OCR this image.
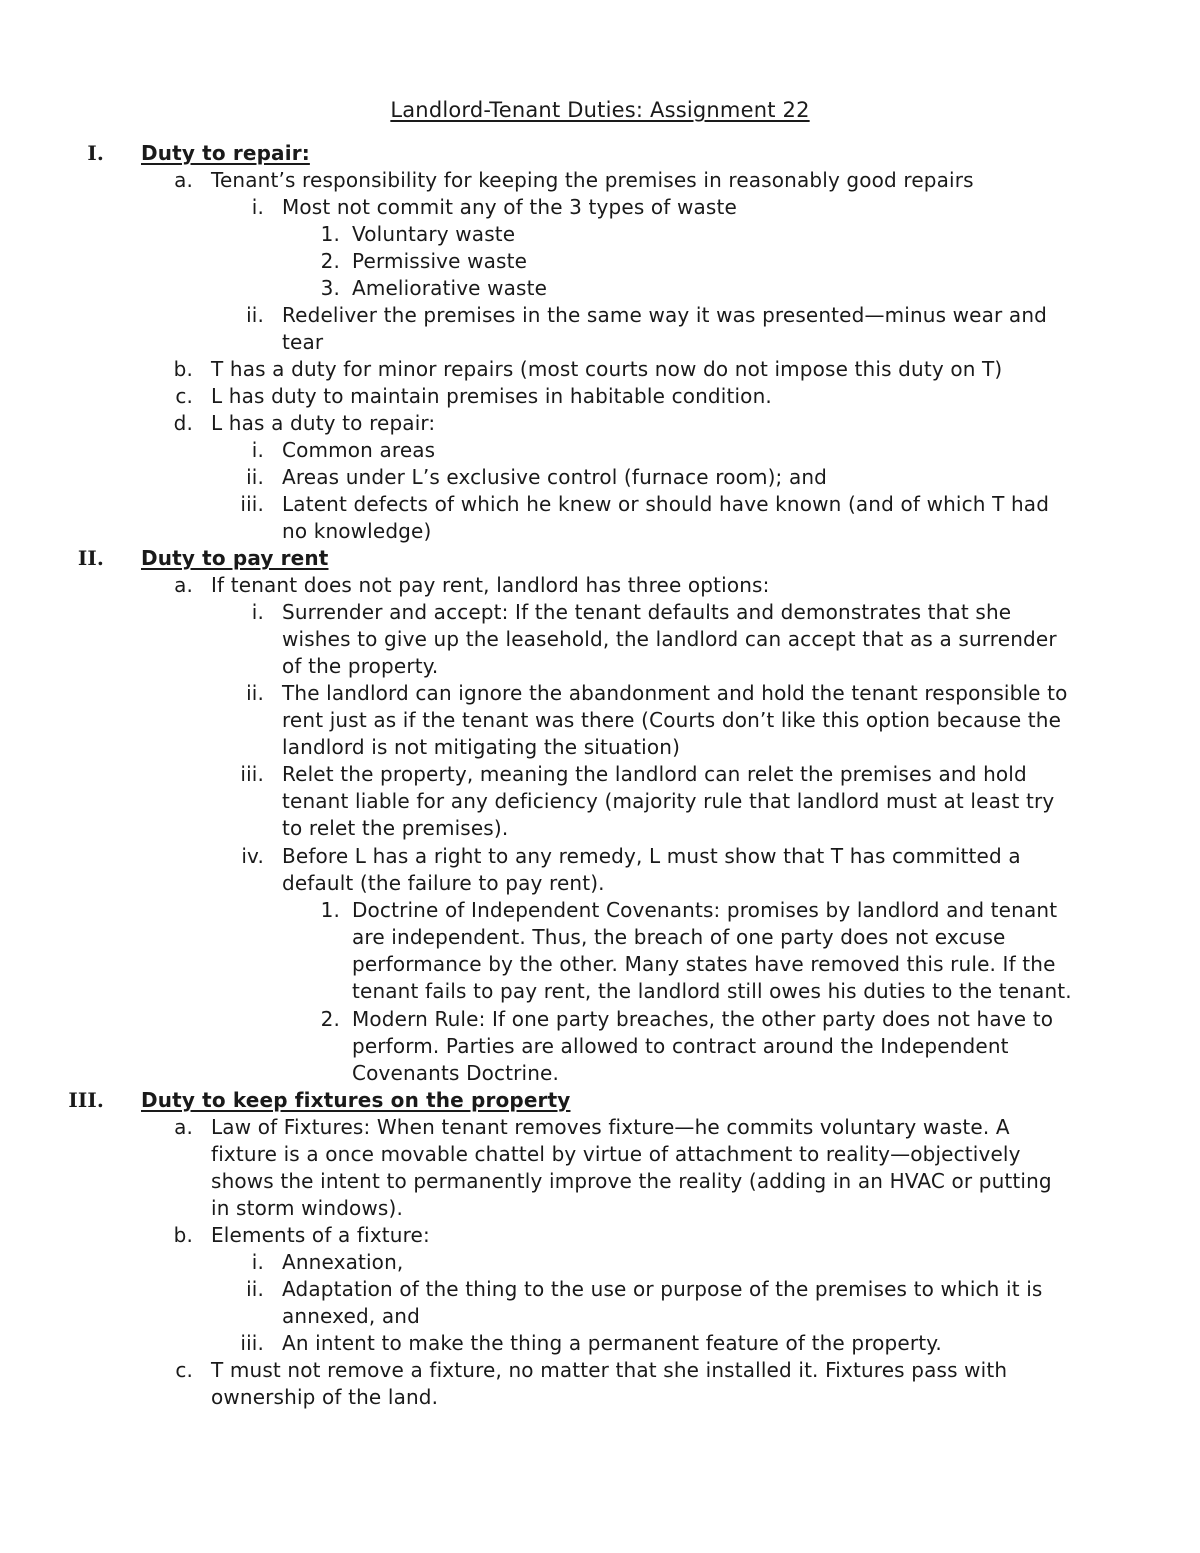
Landlord-Tenant Duties: Assignment 22
I. Duty to repair:
a. Tenant’s responsibility for keeping the premises in reasonably good repairs
i. Most not commit any of the 3 types of waste
1. Voluntary waste
2. Permissive waste
3. Ameliorative waste
ii. Redeliver the premises in the same way it was presented—minus wear and
tear
b. T has a duty for minor repairs (most courts now do not impose this duty on T)
c. L has duty to maintain premises in habitable condition.
d. L has a duty to repair:
i. Common areas
ii. Areas under L’s exclusive control (furnace room); and
iii. Latent defects of which he knew or should have known (and of which T had
no knowledge)
II. Duty to pay rent
a. If tenant does not pay rent, landlord has three options:
i. Surrender and accept: If the tenant defaults and demonstrates that she
wishes to give up the leasehold, the landlord can accept that as a surrender
of the property.
ii. The landlord can ignore the abandonment and hold the tenant responsible to
rent just as if the tenant was there (Courts don’t like this option because the
landlord is not mitigating the situation)
iii. Relet the property, meaning the landlord can relet the premises and hold
tenant liable for any deficiency (majority rule that landlord must at least try
to relet the premises).
iv. Before L has a right to any remedy, L must show that T has committed a
default (the failure to pay rent).
1. Doctrine of Independent Covenants: promises by landlord and tenant
are independent. Thus, the breach of one party does not excuse
performance by the other. Many states have removed this rule. If the
tenant fails to pay rent, the landlord still owes his duties to the tenant.
2. Modern Rule: If one party breaches, the other party does not have to
perform. Parties are allowed to contract around the Independent
Covenants Doctrine.
III. Duty to keep fixtures on the property
a. Law of Fixtures: When tenant removes fixture—he commits voluntary waste. A
fixture is a once movable chattel by virtue of attachment to reality—objectively
shows the intent to permanently improve the reality (adding in an HVAC or putting
in storm windows).
b. Elements of a fixture:
i. Annexation,
ii. Adaptation of the thing to the use or purpose of the premises to which it is
annexed, and
iii. An intent to make the thing a permanent feature of the property.
c. T must not remove a fixture, no matter that she installed it. Fixtures pass with
ownership of the land.
